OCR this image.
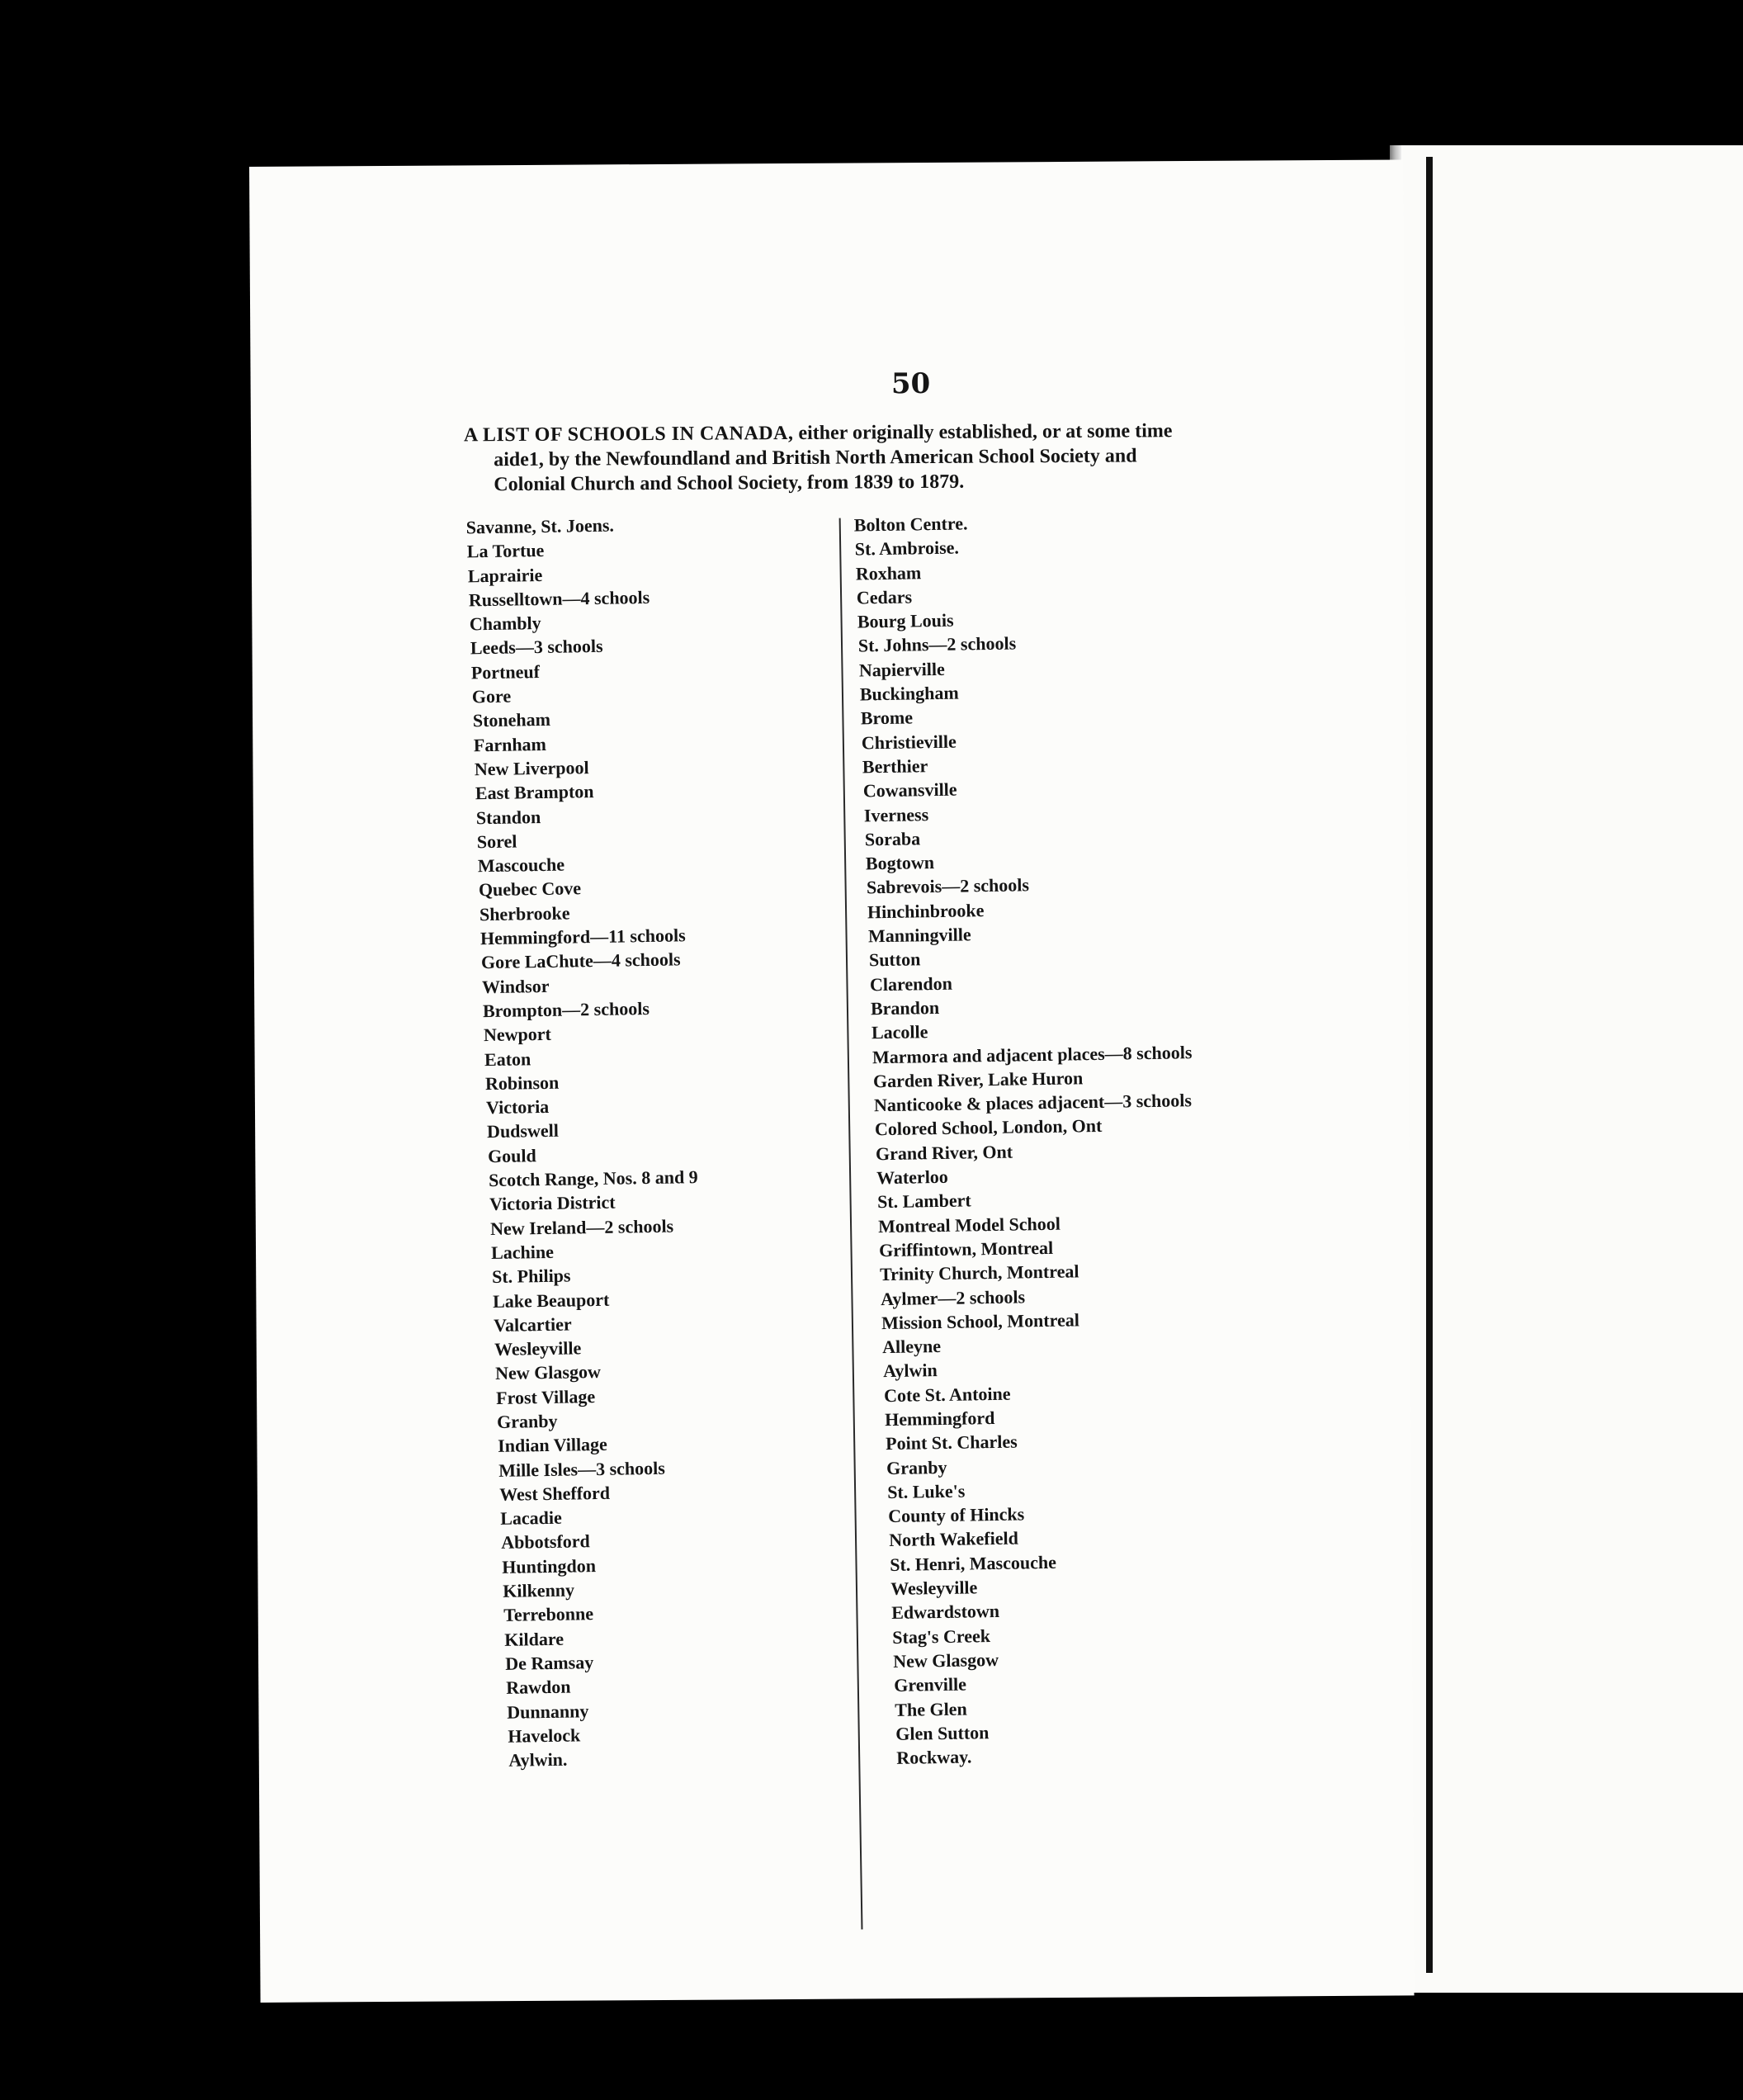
50
A LIST OF SCHOOLS IN CANADA, either originally established, or at some time
aide1, by the Newfoundland and British North American School Society and
Colonial Church and School Society, from 1839 to 1879.
Savanne, St. Joens.
La Tortue
Laprairie
Russelltown—4 schools
Chambly
Leeds—3 schools
Portneuf
Gore
Stoneham
Farnham
New Liverpool
East Brampton
Standon
Sorel
Mascouche
Quebec Cove
Sherbrooke
Hemmingford—11 schools
Gore LaChute—4 schools
Windsor
Brompton—2 schools
Newport
Eaton
Robinson
Victoria
Dudswell
Gould
Scotch Range, Nos. 8 and 9
Victoria District
New Ireland—2 schools
Lachine
St. Philips
Lake Beauport
Valcartier
Wesleyville
New Glasgow
Frost Village
Granby
Indian Village
Mille Isles—3 schools
West Shefford
Lacadie
Abbotsford
Huntingdon
Kilkenny
Terrebonne
Kildare
De Ramsay
Rawdon
Dunnanny
Havelock
Aylwin.
Bolton Centre.
St. Ambroise.
Roxham
Cedars
Bourg Louis
St. Johns—2 schools
Napierville
Buckingham
Brome
Christieville
Berthier
Cowansville
Iverness
Soraba
Bogtown
Sabrevois—2 schools
Hinchinbrooke
Manningville
Sutton
Clarendon
Brandon
Lacolle
Marmora and adjacent places—8 schools
Garden River, Lake Huron
Nanticooke & places adjacent—3 schools
Colored School, London, Ont
Grand River, Ont
Waterloo
St. Lambert
Montreal Model School
Griffintown, Montreal
Trinity Church, Montreal
Aylmer—2 schools
Mission School, Montreal
Alleyne
Aylwin
Cote St. Antoine
Hemmingford
Point St. Charles
Granby
St. Luke's
County of Hincks
North Wakefield
St. Henri, Mascouche
Wesleyville
Edwardstown
Stag's Creek
New Glasgow
Grenville
The Glen
Glen Sutton
Rockway.
